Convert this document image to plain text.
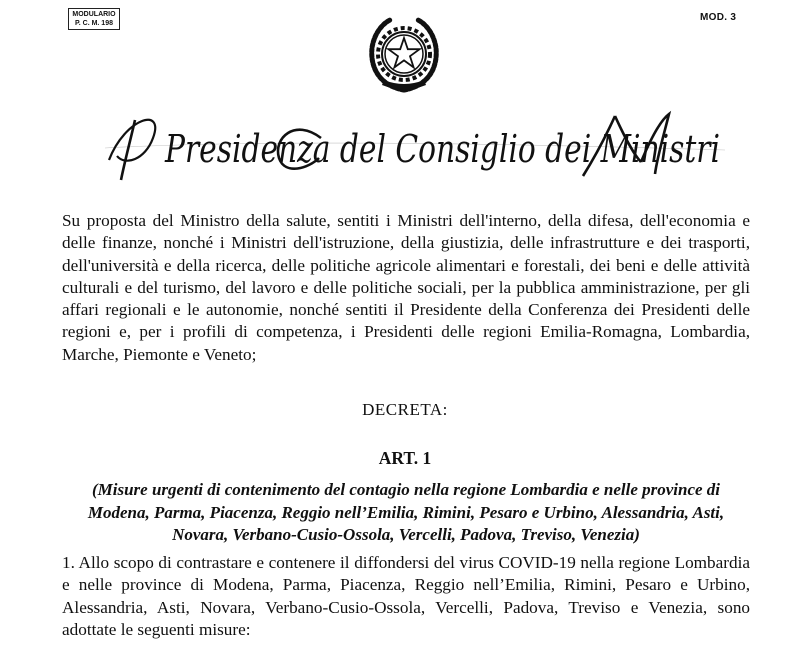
MODULARIO
P. C. M. 198
MOD. 3
Presidenza del Consiglio dei Ministri

Su proposta del Ministro della salute, sentiti i Ministri dell'interno, della difesa, dell'economia e delle finanze, nonché i Ministri dell'istruzione, della giustizia, delle infrastrutture e dei trasporti, dell'università e della ricerca, delle politiche agricole alimentari e forestali, dei beni e delle attività culturali e del turismo, del lavoro e delle politiche sociali, per la pubblica amministrazione, per gli affari regionali e le autonomie, nonché sentiti il Presidente della Conferenza dei Presidenti delle regioni e, per i profili di competenza, i Presidenti delle regioni Emilia-Romagna, Lombardia, Marche, Piemonte e Veneto;

DECRETA:
ART. 1

(Misure urgenti di contenimento del contagio nella regione Lombardia e nelle province di Modena, Parma, Piacenza, Reggio nell’Emilia, Rimini, Pesaro e Urbino, Alessandria, Asti, Novara, Verbano-Cusio-Ossola, Vercelli, Padova, Treviso, Venezia)

1. Allo scopo di contrastare e contenere il diffondersi del virus COVID-19 nella regione Lombardia e nelle province di Modena, Parma, Piacenza, Reggio nell’Emilia, Rimini, Pesaro e Urbino, Alessandria, Asti, Novara, Verbano-Cusio-Ossola, Vercelli, Padova, Treviso e Venezia, sono adottate le seguenti misure:
